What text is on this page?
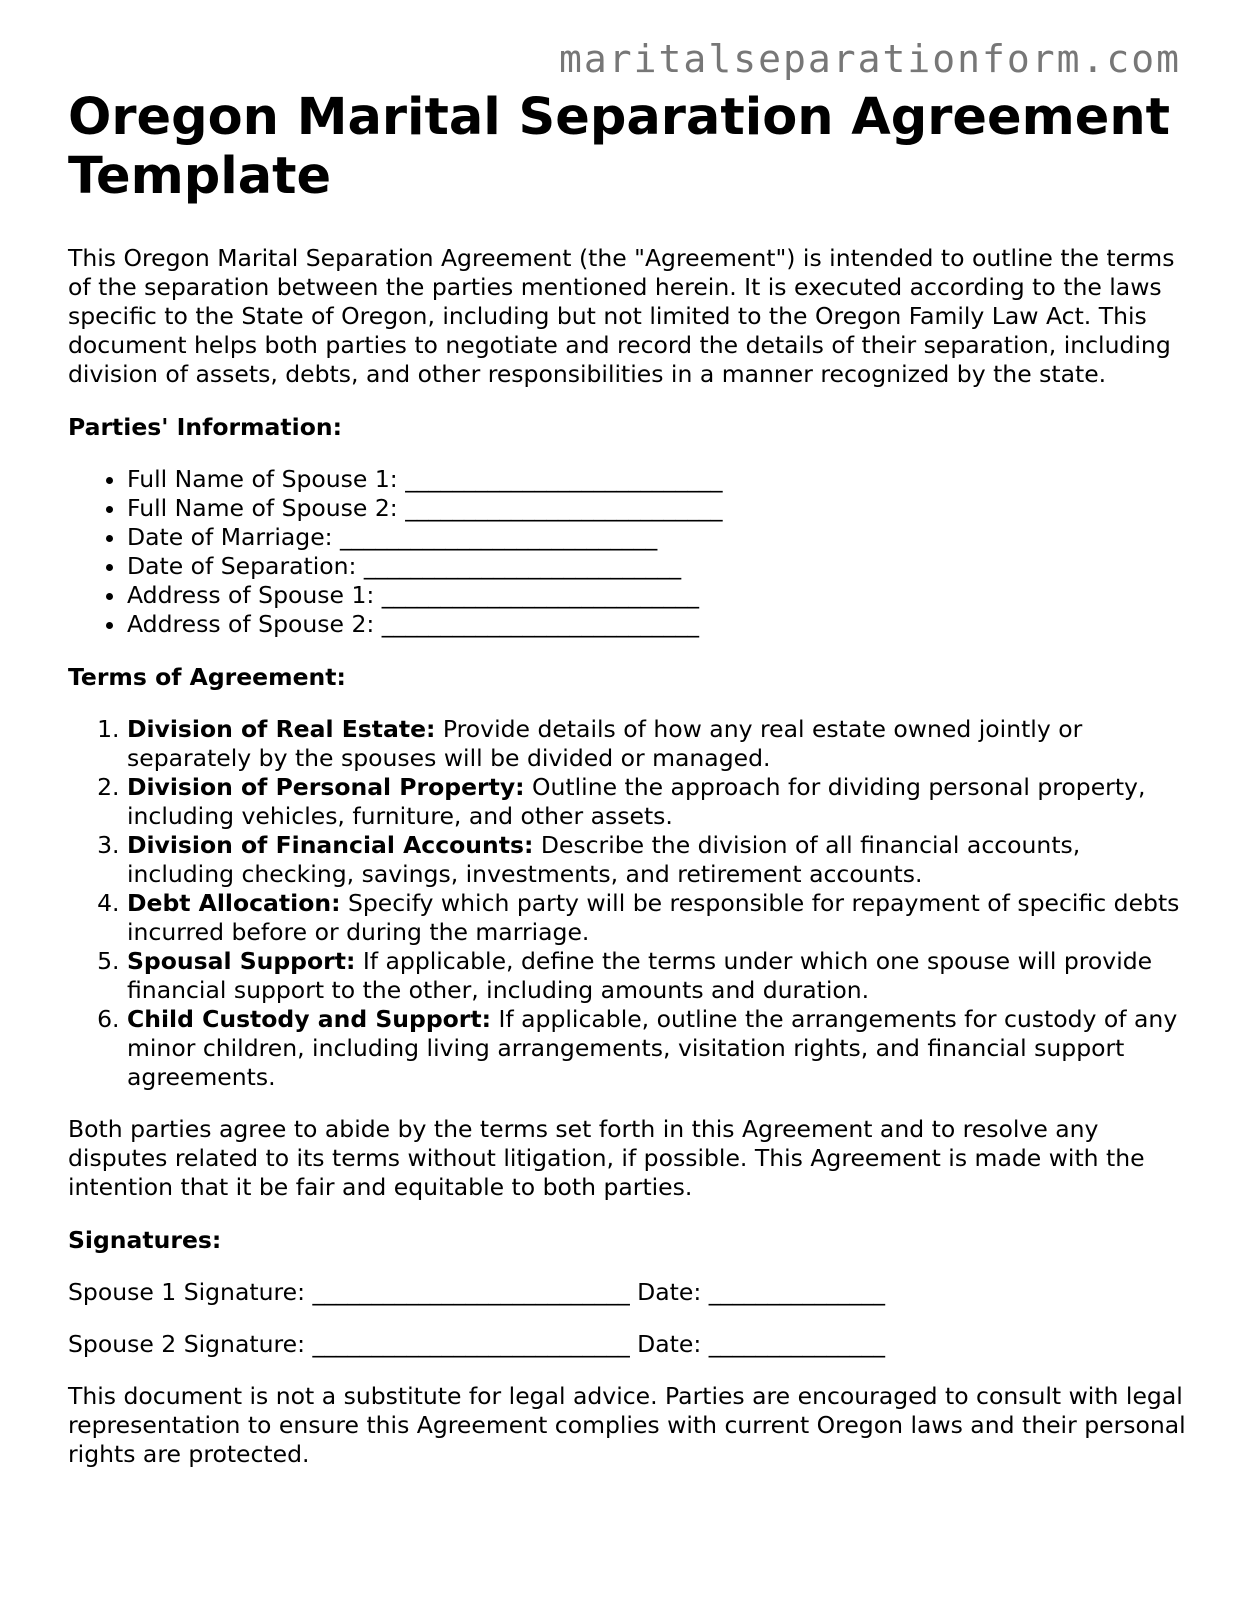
maritalseparationform.com
Oregon Marital Separation Agreement Template

This Oregon Marital Separation Agreement (the "Agreement") is intended to outline the terms of the separation between the parties mentioned herein. It is executed according to the laws specific to the State of Oregon, including but not limited to the Oregon Family Law Act. This document helps both parties to negotiate and record the details of their separation, including division of assets, debts, and other responsibilities in a manner recognized by the state.

Parties' Information:

• Full Name of Spouse 1: ___________________________
• Full Name of Spouse 2: ___________________________
• Date of Marriage: ___________________________
• Date of Separation: ___________________________
• Address of Spouse 1: ___________________________
• Address of Spouse 2: ___________________________

Terms of Agreement:

1. Division of Real Estate: Provide details of how any real estate owned jointly or separately by the spouses will be divided or managed.
2. Division of Personal Property: Outline the approach for dividing personal property, including vehicles, furniture, and other assets.
3. Division of Financial Accounts: Describe the division of all financial accounts, including checking, savings, investments, and retirement accounts.
4. Debt Allocation: Specify which party will be responsible for repayment of specific debts incurred before or during the marriage.
5. Spousal Support: If applicable, define the terms under which one spouse will provide financial support to the other, including amounts and duration.
6. Child Custody and Support: If applicable, outline the arrangements for custody of any minor children, including living arrangements, visitation rights, and financial support agreements.

Both parties agree to abide by the terms set forth in this Agreement and to resolve any disputes related to its terms without litigation, if possible. This Agreement is made with the intention that it be fair and equitable to both parties.

Signatures:

Spouse 1 Signature: ___________________________ Date: _______________

Spouse 2 Signature: ___________________________ Date: _______________

This document is not a substitute for legal advice. Parties are encouraged to consult with legal representation to ensure this Agreement complies with current Oregon laws and their personal rights are protected.
